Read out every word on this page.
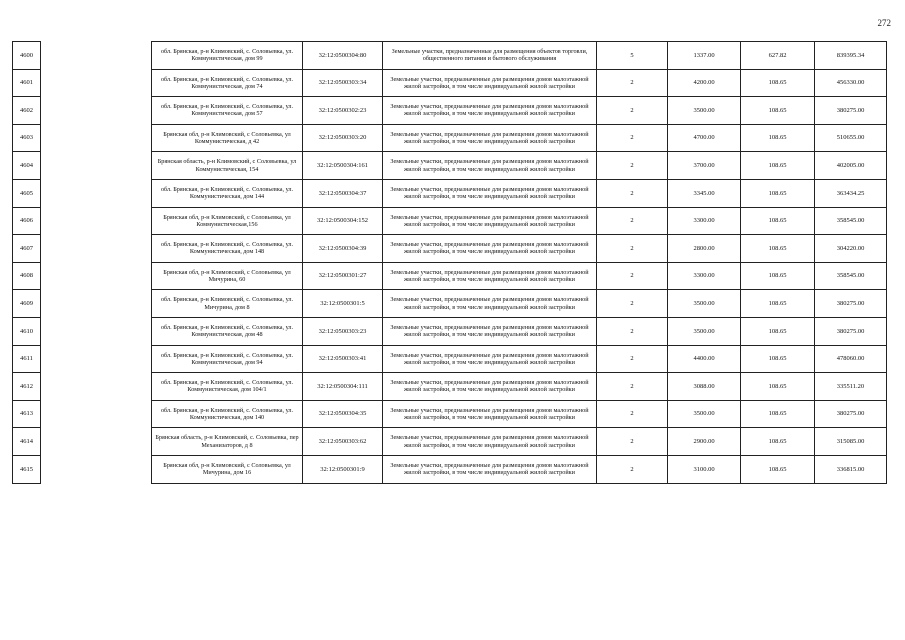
272
4600		обл. Брянская, р-н Климовский, с. Соловьевка, ул. Коммунистическая, дом 99	32:12:0500304:80	Земельные участки, предназначенные для размещения объектов торговли, общественного питания и бытового обслуживания	5	1337.00	627.82	839395.34
4601		обл. Брянская, р-н Климовский, с. Соловьевка, ул. Коммунистическая, дом 74	32:12:0500303:34	Земельные участки, предназначенные для размещения домов малоэтажной жилой застройки, в том числе индивидуальной жилой застройки	2	4200.00	108.65	456330.00
4602		обл. Брянская, р-н Климовский, с. Соловьевка, ул. Коммунистическая, дом 57	32:12:0500302:23	Земельные участки, предназначенные для размещения домов малоэтажной жилой застройки, в том числе индивидуальной жилой застройки	2	3500.00	108.65	380275.00
4603		Брянская обл, р-н Климовский, с Соловьевка, ул Коммунистическая, д 42	32:12:0500303:20	Земельные участки, предназначенные для размещения домов малоэтажной жилой застройки, в том числе индивидуальной жилой застройки	2	4700.00	108.65	510655.00
4604		Брянская область, р-н Климовский, с Соловьевка, ул Коммунистическая, 154	32:12:0500304:161	Земельные участки, предназначенные для размещения домов малоэтажной жилой застройки, в том числе индивидуальной жилой застройки	2	3700.00	108.65	402005.00
4605		обл. Брянская, р-н Климовский, с. Соловьевка, ул. Коммунистическая, дом 144	32:12:0500304:37	Земельные участки, предназначенные для размещения домов малоэтажной жилой застройки, в том числе индивидуальной жилой застройки	2	3345.00	108.65	363434.25
4606		Брянская обл, р-н Климовский, с Соловьевка, ул Коммунистическая,156	32:12:0500304:152	Земельные участки, предназначенные для размещения домов малоэтажной жилой застройки, в том числе индивидуальной жилой застройки	2	3300.00	108.65	358545.00
4607		обл. Брянская, р-н Климовский, с. Соловьевка, ул. Коммунистическая, дом 148	32:12:0500304:39	Земельные участки, предназначенные для размещения домов малоэтажной жилой застройки, в том числе индивидуальной жилой застройки	2	2800.00	108.65	304220.00
4608		Брянская обл, р-н Климовский, с Соловьевка, ул Мичурина, 60	32:12:0500301:27	Земельные участки, предназначенные для размещения домов малоэтажной жилой застройки, в том числе индивидуальной жилой застройки	2	3300.00	108.65	358545.00
4609		обл. Брянская, р-н Климовский, с. Соловьевка, ул. Мичурина, дом 8	32:12:0500301:5	Земельные участки, предназначенные для размещения домов малоэтажной жилой застройки, в том числе индивидуальной жилой застройки	2	3500.00	108.65	380275.00
4610		обл. Брянская, р-н Климовский, с. Соловьевка, ул. Коммунистическая, дом 48	32:12:0500303:23	Земельные участки, предназначенные для размещения домов малоэтажной жилой застройки, в том числе индивидуальной жилой застройки	2	3500.00	108.65	380275.00
4611		обл. Брянская, р-н Климовский, с. Соловьевка, ул. Коммунистическая, дом 94	32:12:0500303:41	Земельные участки, предназначенные для размещения домов малоэтажной жилой застройки, в том числе индивидуальной жилой застройки	2	4400.00	108.65	478060.00
4612		обл. Брянская, р-н Климовский, с. Соловьевка, ул. Коммунистическая, дом 104/1	32:12:0500304:111	Земельные участки, предназначенные для размещения домов малоэтажной жилой застройки, в том числе индивидуальной жилой застройки	2	3088.00	108.65	335511.20
4613		обл. Брянская, р-н Климовский, с. Соловьевка, ул. Коммунистическая, дом 140	32:12:0500304:35	Земельные участки, предназначенные для размещения домов малоэтажной жилой застройки, в том числе индивидуальной жилой застройки	2	3500.00	108.65	380275.00
4614		Брянская область, р-н Климовский, с. Соловьевка, пер Механизаторов, д 8	32:12:0500303:62	Земельные участки, предназначенные для размещения домов малоэтажной жилой застройки, в том числе индивидуальной жилой застройки	2	2900.00	108.65	315085.00
4615		Брянская обл, р-н Климовский, с Соловьевка, ул Мичурина, дом 16	32:12:0500301:9	Земельные участки, предназначенные для размещения домов малоэтажной жилой застройки, в том числе индивидуальной жилой застройки	2	3100.00	108.65	336815.00
